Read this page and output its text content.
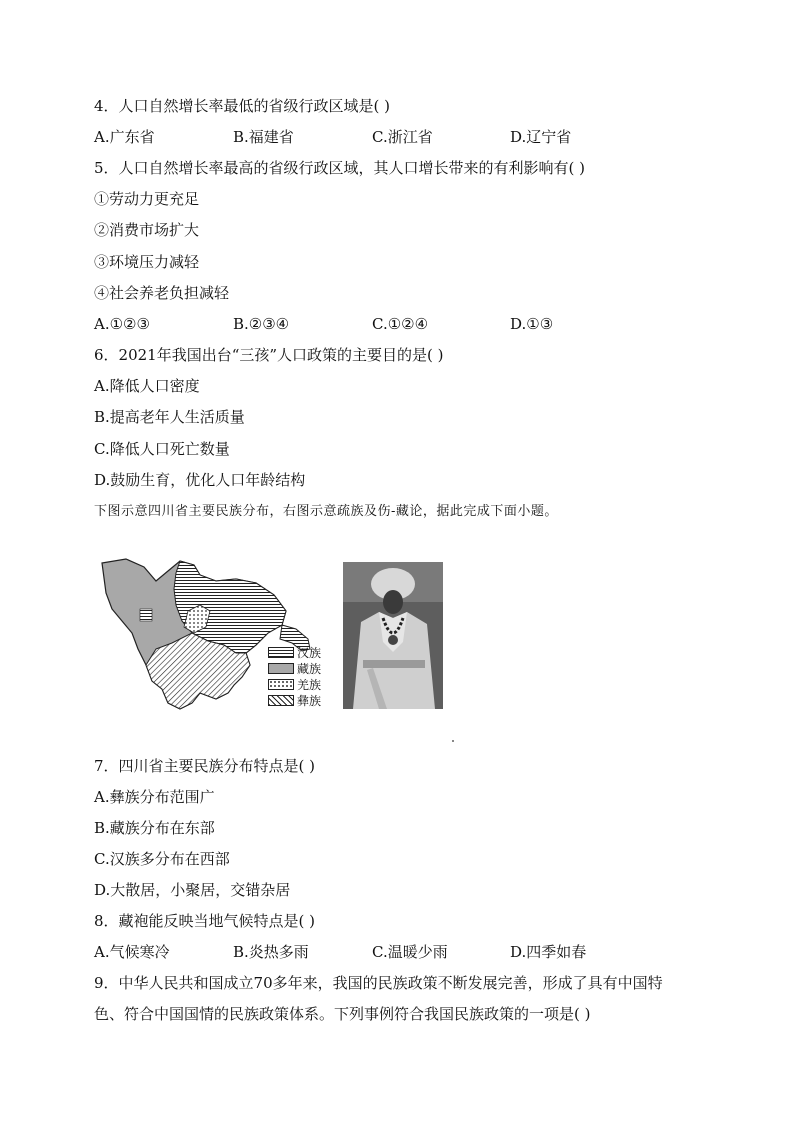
4．人口自然增长率最低的省级行政区域是( )
A.广东省	B.福建省	C.浙江省	D.辽宁省
5．人口自然增长率最高的省级行政区域，其人口增长带来的有利影响有( )
①劳动力更充足
②消费市场扩大
③环境压力减轻
④社会养老负担减轻
A.①②③	B.②③④	C.①②④	D.①③
6．2021年我国出台“三孩”人口政策的主要目的是( )
A.降低人口密度
B.提高老年人生活质量
C.降低人口死亡数量
D.鼓励生育，优化人口年龄结构
下图示意四川省主要民族分布，右图示意疏族及伤-藏论，据此完成下面小题。
汉族
藏族
羌族
彝族
7．四川省主要民族分布特点是( )
A.彝族分布范围广
B.藏族分布在东部
C.汉族多分布在西部
D.大散居，小聚居，交错杂居
8．藏袍能反映当地气候特点是( )
A.气候寒冷	B.炎热多雨	C.温暖少雨	D.四季如春
9．中华人民共和国成立70多年来，我国的民族政策不断发展完善，形成了具有中国特
色、符合中国国情的民族政策体系。下列事例符合我国民族政策的一项是( )
